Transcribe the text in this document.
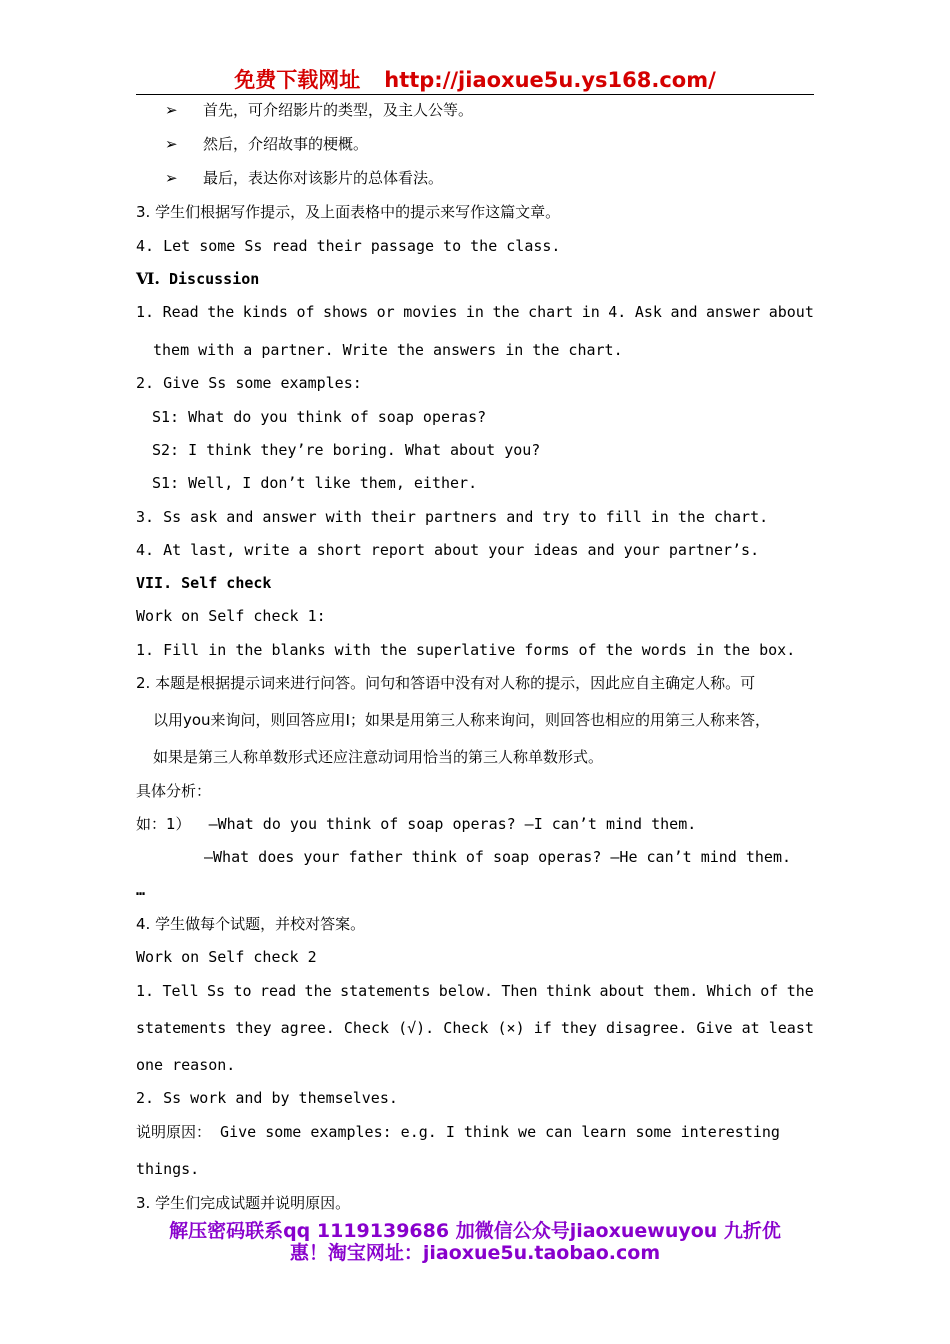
免费下载网址 http://jiaoxue5u.ys168.com/
➢ 首先，可介绍影片的类型，及主人公等。
➢ 然后，介绍故事的梗概。
➢ 最后，表达你对该影片的总体看法。
3. 学生们根据写作提示，及上面表格中的提示来写作这篇文章。
4. Let some Ss read their passage to the class.
Ⅵ. Discussion
1. Read the kinds of shows or movies in the chart in 4. Ask and answer about
them with a partner. Write the answers in the chart.
2. Give Ss some examples:
S1: What do you think of soap operas?
S2: I think they’re boring. What about you?
S1: Well, I don’t like them, either.
3. Ss ask and answer with their partners and try to fill in the chart.
4. At last, write a short report about your ideas and your partner’s.
VII. Self check
Work on Self check 1:
1. Fill in the blanks with the superlative forms of the words in the box.
2. 本题是根据提示词来进行问答。问句和答语中没有对人称的提示，因此应自主确定人称。可
以用you来询问，则回答应用I；如果是用第三人称来询问，则回答也相应的用第三人称来答，
如果是第三人称单数形式还应注意动词用恰当的第三人称单数形式。
具体分析：
如：1） —What do you think of soap operas? —I can’t mind them.
—What does your father think of soap operas? —He can’t mind them.
…
4. 学生做每个试题，并校对答案。
Work on Self check 2
1. Tell Ss to read the statements below. Then think about them. Which of the
statements they agree. Check (√). Check (×) if they disagree. Give at least
one reason.
2. Ss work and by themselves.
说明原因： Give some examples: e.g. I think we can learn some interesting
things.
3. 学生们完成试题并说明原因。
解压密码联系qq 1119139686 加微信公众号jiaoxuewuyou 九折优
惠！淘宝网址：jiaoxue5u.taobao.com
